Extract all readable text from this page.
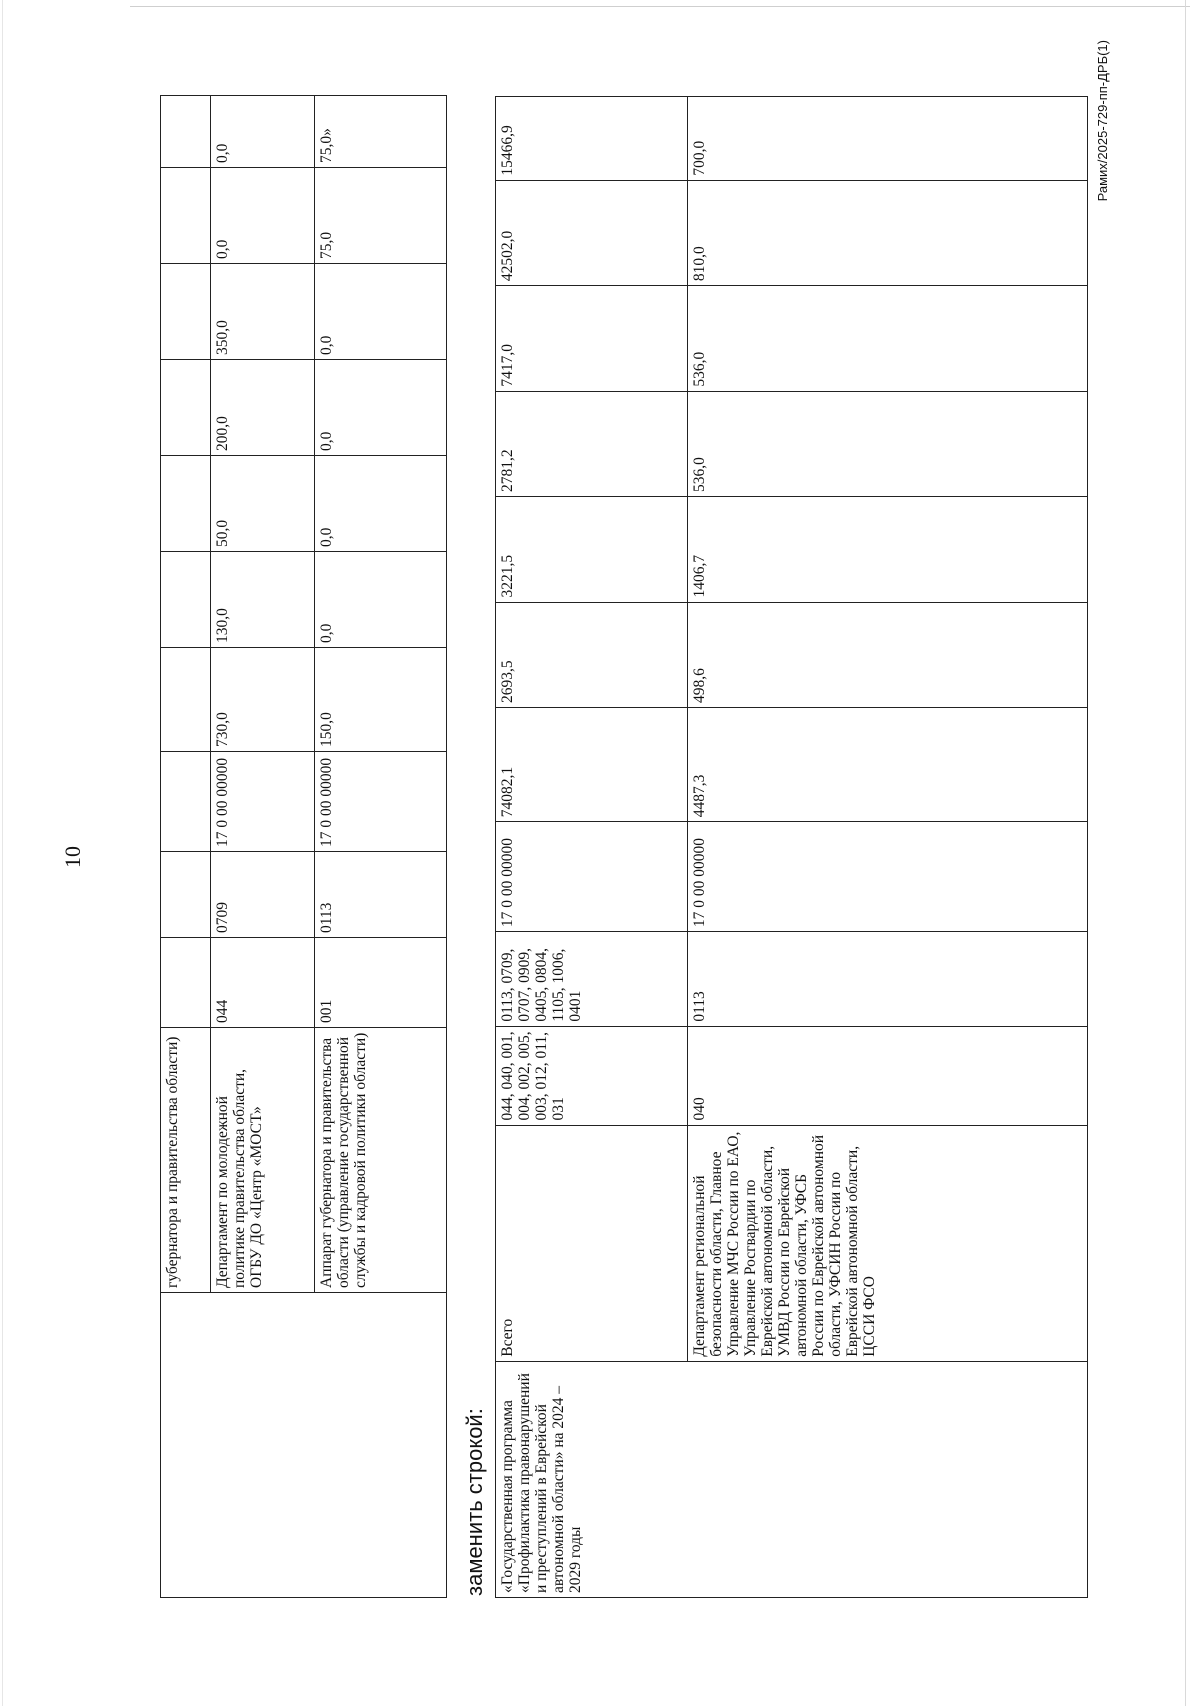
10
	губернатора и правительства области)										
	Департамент по молодежной политике правительства области, ОГБУ ДО «Центр «МОСТ»	044	0709	17 0 00 00000	730,0	130,0	50,0	200,0	350,0	0,0	0,0
	Аппарат губернатора и правительства области (управление государственной службы и кадровой политики области)	001	0113	17 0 00 00000	150,0	0,0	0,0	0,0	0,0	75,0	75,0»
заменить строкой: «Государственная программа «Профилактика правонарушений и преступлений в Еврейской автономной области» на 2024 – 2029 годы	Всего	044, 040, 001, 004, 002, 005, 003, 012, 011, 031	0113, 0709, 0707, 0909, 0405, 0804, 1105, 1006, 0401	17 0 00 00000	74082,1	2693,5	3221,5	2781,2	7417,0	42502,0	15466,9
	Департамент региональной безопасности области, Главное Управление МЧС России по ЕАО, Управление Росгвардии по Еврейской автономной области, УМВД России по Еврейской автономной области, УФСБ России по Еврейской автономной области, УФСИН России по Еврейской автономной области, ЦССИ ФСО	040	0113	17 0 00 00000	4487,3	498,6	1406,7	536,0	536,0	810,0	700,0	Рамих/2025-729-пп-ДРБ(1)
